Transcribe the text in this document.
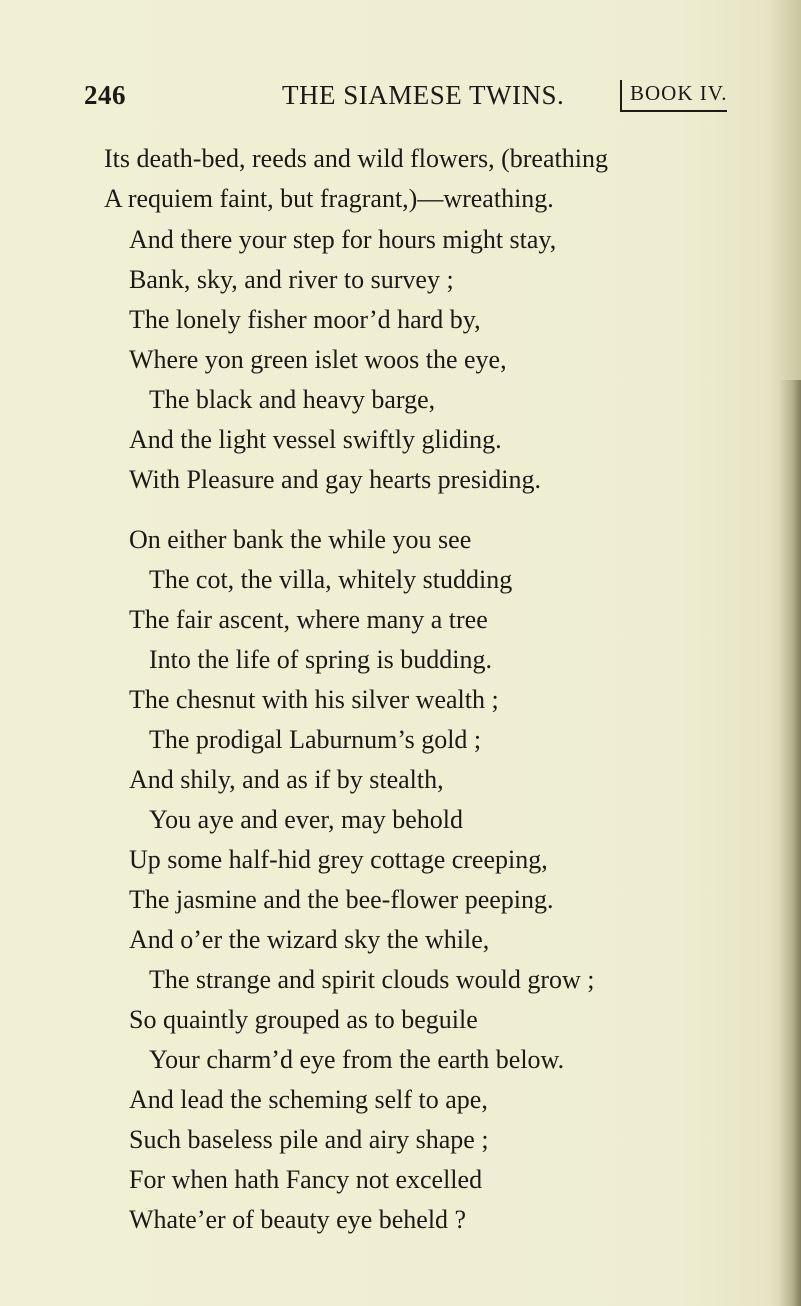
246	THE SIAMESE TWINS.	BOOK IV.
Its death-bed, reeds and wild flowers, (breathing
A requiem faint, but fragrant,)—wreathing.
And there your step for hours might stay,
Bank, sky, and river to survey ;
The lonely fisher moor’d hard by,
Where yon green islet woos the eye,
The black and heavy barge,
And the light vessel swiftly gliding.
With Pleasure and gay hearts presiding.
On either bank the while you see
The cot, the villa, whitely studding
The fair ascent, where many a tree
Into the life of spring is budding.
The chesnut with his silver wealth ;
The prodigal Laburnum’s gold ;
And shily, and as if by stealth,
You aye and ever, may behold
Up some half-hid grey cottage creeping,
The jasmine and the bee-flower peeping.
And o’er the wizard sky the while,
The strange and spirit clouds would grow ;
So quaintly grouped as to beguile
Your charm’d eye from the earth below.
And lead the scheming self to ape,
Such baseless pile and airy shape ;
For when hath Fancy not excelled
Whate’er of beauty eye beheld ?
